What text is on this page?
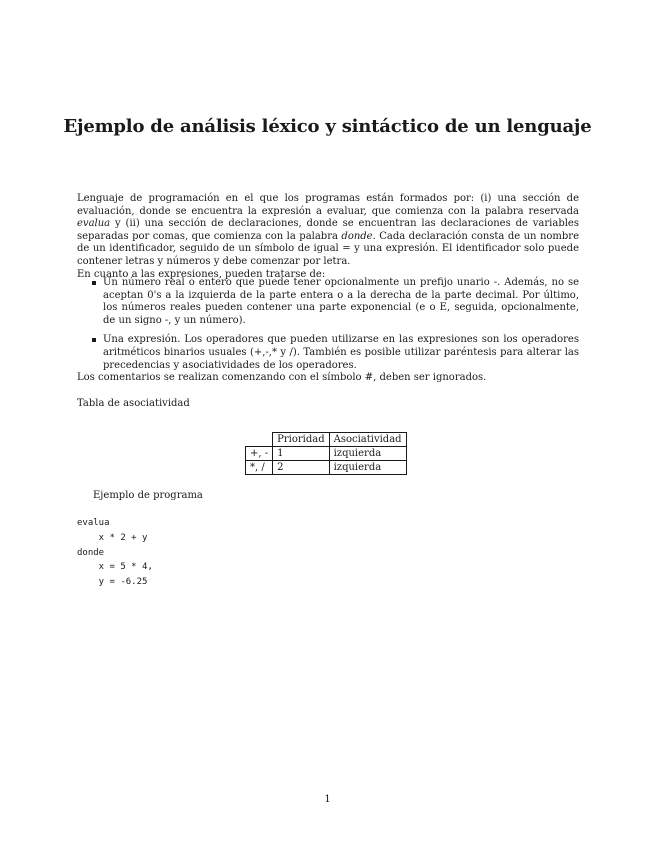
Ejemplo de análisis léxico y sintáctico de un lenguaje

Lenguaje de programación en el que los programas están formados por: (i) una sección de evaluación, donde se encuentra la expresión a evaluar, que comienza con la palabra reservada evalua y (ii) una sección de declaraciones, donde se encuentran las declaraciones de variables separadas por comas, que comienza con la palabra donde. Cada declaración consta de un nombre de un identificador, seguido de un símbolo de igual = y una expresión. El identificador solo puede contener letras y números y debe comenzar por letra.

En cuanto a las expresiones, pueden tratarse de:

Un número real o entero que puede tener opcionalmente un prefijo unario -. Además, no se aceptan 0's a la izquierda de la parte entera o a la derecha de la parte decimal. Por último, los números reales pueden contener una parte exponencial (e o E, seguida, opcionalmente, de un signo -, y un número).
Una expresión. Los operadores que pueden utilizarse en las expresiones son los operadores aritméticos binarios usuales (+,-,* y /). También es posible utilizar paréntesis para alterar las precedencias y asociatividades de los operadores.
Los comentarios se realizan comenzando con el símbolo #, deben ser ignorados.
Tabla de asociatividad
	Prioridad	Asociatividad
+, -	1	izquierda
*, /	2	izquierda
Ejemplo de programa
evalua
x * 2 + y
donde
x = 5 * 4,
y = -6.25
1
